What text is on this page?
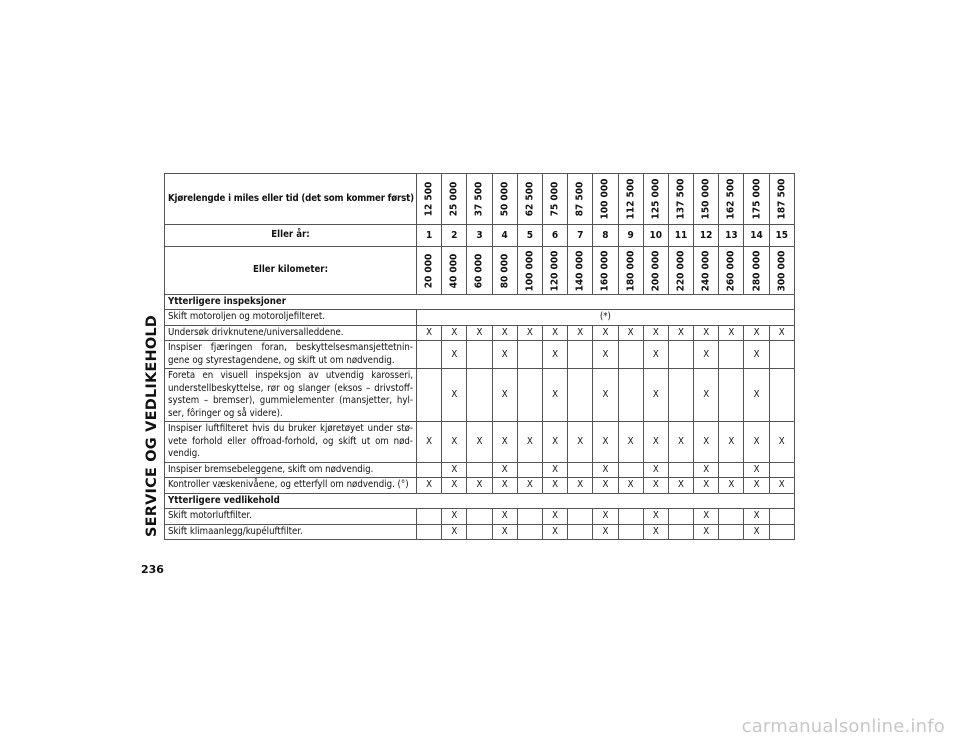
SERVICE OG VEDLIKEHOLD
236
carmanualsonline.info
Kjørelengde i miles eller tid (det som kommer først)	12 500	25 000	37 500	50 000	62 500	75 000	87 500	100 000	112 500	125 000	137 500	150 000	162 500	175 000	187 500

Eller år:	1	2	3	4	5	6	7	8	9	10	11	12	13	14	15
Eller kilometer:	20 000	40 000	60 000	80 000	100 000	120 000	140 000	160 000	180 000	200 000	220 000	240 000	260 000	280 000	300 000

Ytterligere inspeksjoner															
Skift motoroljen og motoroljefilteret.	(*)														
Undersøk drivknutene/universalleddene.	X	X	X	X	X	X	X	X	X	X	X	X	X	X	X
Inspiser fjæringen foran, beskyttelsesmansjettetnin-gene og styrestagendene, og skift ut om nødvendig.		X		X		X		X		X		X		X	
Foreta en visuell inspeksjon av utvendig karosseri, understellbeskyttelse, rør og slanger (eksos – drivstoff-system – bremser), gummielementer (mansjetter, hyl-ser, fôringer og så videre).		X		X		X		X		X		X		X	
Inspiser luftfilteret hvis du bruker kjøretøyet under stø-vete forhold eller offroad-forhold, og skift ut om nød-vendig.	X	X	X	X	X	X	X	X	X	X	X	X	X	X	X
Inspiser bremsebeleggene, skift om nødvendig.		X		X		X		X		X		X		X	
Kontroller væskenivåene, og etterfyll om nødvendig. (°)	X	X	X	X	X	X	X	X	X	X	X	X	X	X	X
Ytterligere vedlikehold															
Skift motorluftfilter.		X		X		X		X		X		X		X	
Skift klimaanlegg/kupéluftfilter.		X		X		X		X		X		X		X	
